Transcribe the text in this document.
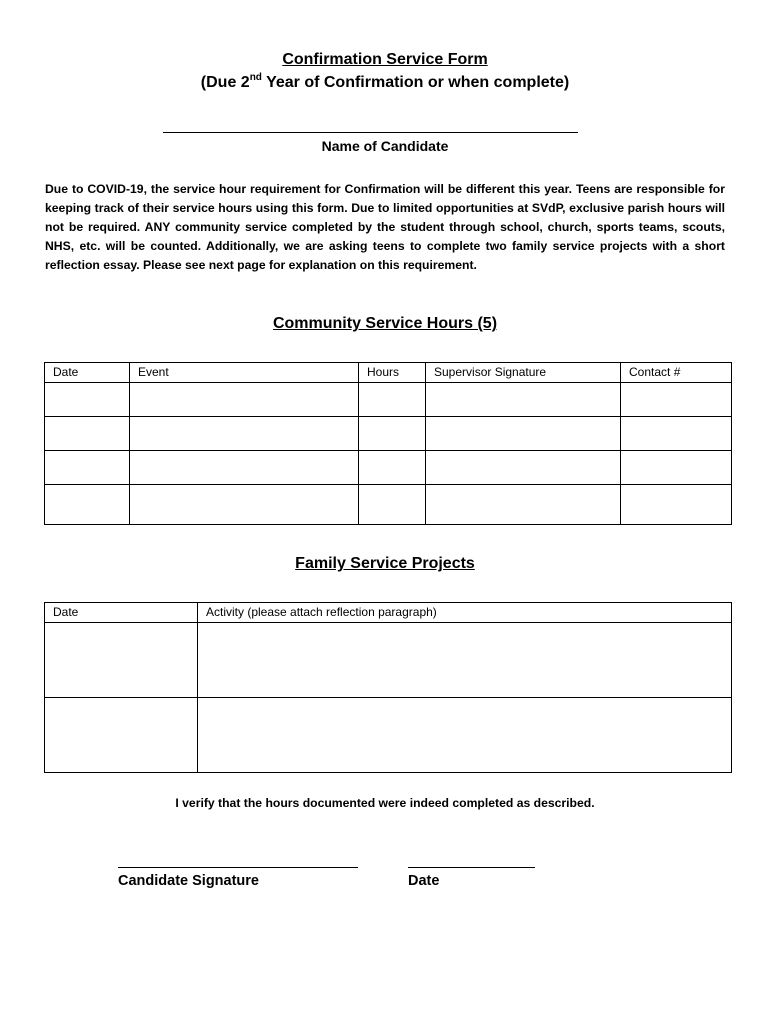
Confirmation Service Form
(Due 2nd Year of Confirmation or when complete)
Name of Candidate
Due to COVID-19, the service hour requirement for Confirmation will be different this year. Teens are responsible for keeping track of their service hours using this form. Due to limited opportunities at SVdP, exclusive parish hours will not be required. ANY community service completed by the student through school, church, sports teams, scouts, NHS, etc. will be counted. Additionally, we are asking teens to complete two family service projects with a short reflection essay. Please see next page for explanation on this requirement.
Community Service Hours (5)
Date	Event	Hours	Supervisor Signature	Contact #

Family Service Projects
Date	Activity (please attach reflection paragraph)

I verify that the hours documented were indeed completed as described.
Candidate Signature	Date
